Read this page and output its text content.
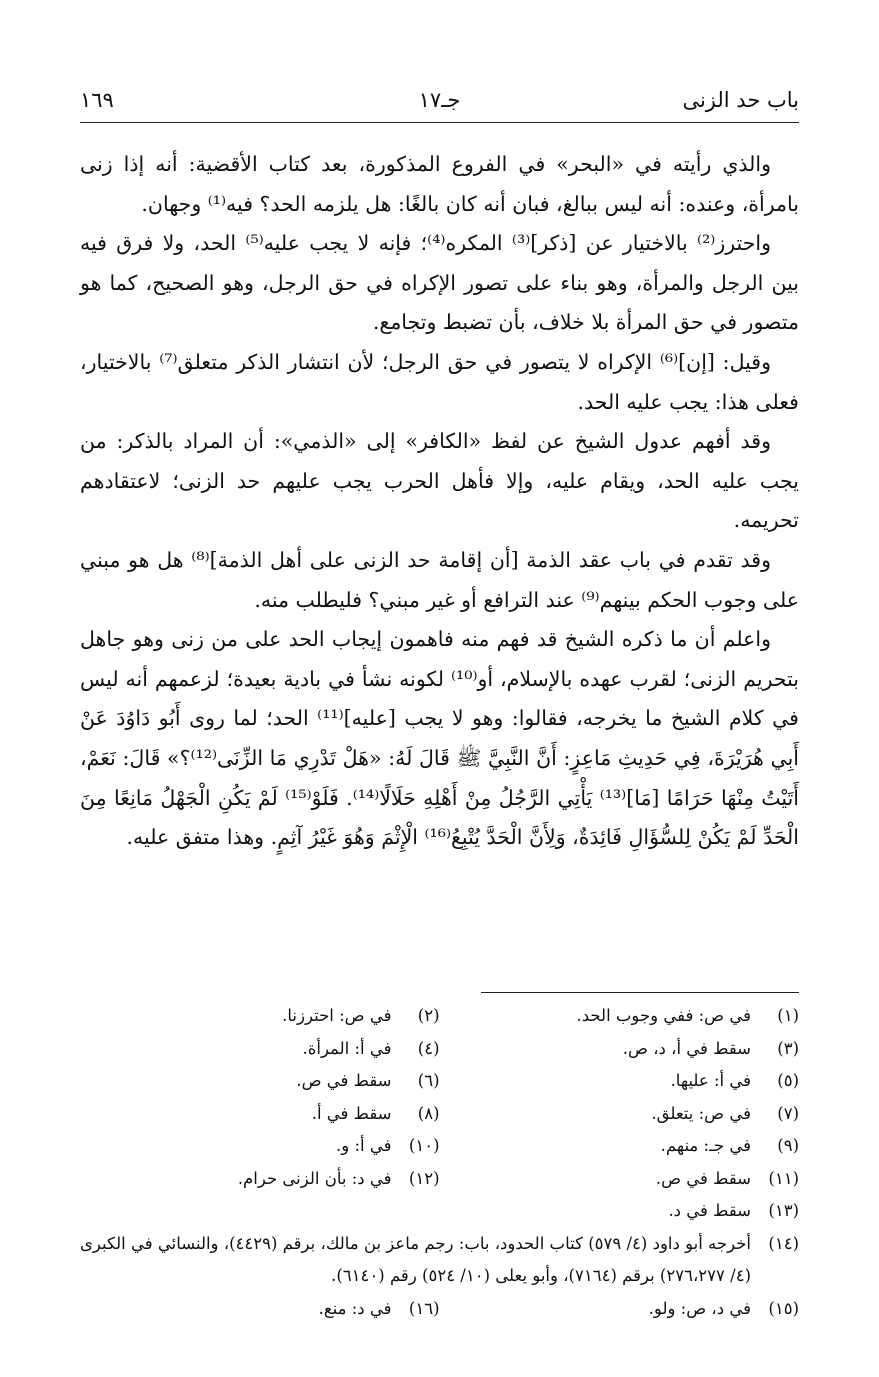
باب حد الزنى
جـ١٧
١٦٩

والذي رأيته في «البحر» في الفروع المذكورة، بعد كتاب الأقضية: أنه إذا زنى بامرأة، وعنده: أنه ليس ببالغ، فبان أنه كان بالغًا: هل يلزمه الحد؟ فيه⁽¹⁾ وجهان.

واحترز⁽²⁾ بالاختيار عن [ذكر]⁽³⁾ المكره⁽⁴⁾؛ فإنه لا يجب عليه⁽⁵⁾ الحد، ولا فرق فيه بين الرجل والمرأة، وهو بناء على تصور الإكراه في حق الرجل، وهو الصحيح، كما هو متصور في حق المرأة بلا خلاف، بأن تضبط وتجامع.

وقيل: [إن]⁽⁶⁾ الإكراه لا يتصور في حق الرجل؛ لأن انتشار الذكر متعلق⁽⁷⁾ بالاختيار، فعلى هذا: يجب عليه الحد.

وقد أفهم عدول الشيخ عن لفظ «الكافر» إلى «الذمي»: أن المراد بالذكر: من يجب عليه الحد، ويقام عليه، وإلا فأهل الحرب يجب عليهم حد الزنى؛ لاعتقادهم تحريمه.

وقد تقدم في باب عقد الذمة [أن إقامة حد الزنى على أهل الذمة]⁽⁸⁾ هل هو مبني على وجوب الحكم بينهم⁽⁹⁾ عند الترافع أو غير مبني؟ فليطلب منه.

واعلم أن ما ذكره الشيخ قد فهم منه فاهمون إيجاب الحد على من زنى وهو جاهل بتحريم الزنى؛ لقرب عهده بالإسلام، أو⁽¹⁰⁾ لكونه نشأ في بادية بعيدة؛ لزعمهم أنه ليس في كلام الشيخ ما يخرجه، فقالوا: وهو لا يجب [عليه]⁽¹¹⁾ الحد؛ لما روى أَبُو دَاوُدَ عَنْ أَبِي هُرَيْرَةَ، فِي حَدِيثِ مَاعِزٍ: أَنَّ النَّبِيَّ ﷺ قَالَ لَهُ: «هَلْ تَدْرِي مَا الزِّنَى⁽¹²⁾؟» قَالَ: نَعَمْ، أَتَيْتُ مِنْهَا حَرَامًا [مَا]⁽¹³⁾ يَأْتِي الرَّجُلُ مِنْ أَهْلِهِ حَلَالًا⁽¹⁴⁾. فَلَوْ⁽¹⁵⁾ لَمْ يَكُنِ الْجَهْلُ مَانِعًا مِنَ الْحَدِّ لَمْ يَكُنْ لِلسُّؤَالِ فَائِدَةٌ، وَلِأَنَّ الْحَدَّ يُتْبِعُ⁽¹⁶⁾ الْإِثْمَ وَهُوَ غَيْرُ آثِمٍ. وهذا متفق عليه.

(١)
في ص: ففي وجوب الحد.
(٢)
في ص: احترزنا.
(٣)
سقط في أ، د، ص.
(٤)
في أ: المرأة.
(٥)
في أ: عليها.
(٦)
سقط في ص.
(٧)
في ص: يتعلق.
(٨)
سقط في أ.
(٩)
في جـ: منهم.
(١٠)
في أ: و.
(١١)
سقط في ص.
(١٢)
في د: بأن الزنى حرام.
(١٣)
سقط في د.
(١٤)
أخرجه أبو داود (٤/ ٥٧٩) كتاب الحدود، باب: رجم ماعز بن مالك، برقم (٤٤٢٩)، والنسائي في الكبرى (٤/ ٢٧٦،٢٧٧) برقم (٧١٦٤)، وأبو يعلى (١٠/ ٥٢٤) رقم (٦١٤٠).
(١٥)
في د، ص: ولو.
(١٦)
في د: منع.
